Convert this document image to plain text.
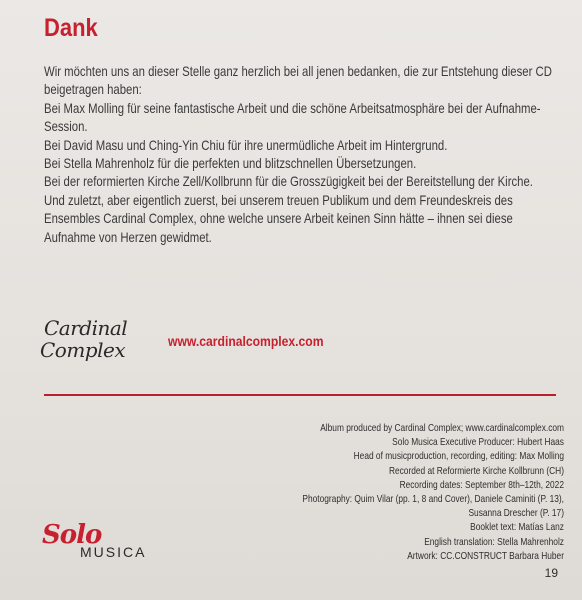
Dank

Wir möchten uns an dieser Stelle ganz herzlich bei all jenen bedanken, die zur Entstehung dieser CD beigetragen haben:

Bei Max Molling für seine fantastische Arbeit und die schöne Arbeitsatmosphäre bei der Aufnahme-Session.

Bei David Masu und Ching-Yin Chiu für ihre unermüdliche Arbeit im Hintergrund.

Bei Stella Mahrenholz für die perfekten und blitzschnellen Übersetzungen.

Bei der reformierten Kirche Zell/Kollbrunn für die Grosszügigkeit bei der Bereitstellung der Kirche.

Und zuletzt, aber eigentlich zuerst, bei unserem treuen Publikum und dem Freundeskreis des Ensembles Cardinal Complex, ohne welche unsere Arbeit keinen Sinn hätte – ihnen sei diese Aufnahme von Herzen gewidmet.

Cardinal
Complex	www.cardinalcomplex.com
Album produced by Cardinal Complex; www.cardinalcomplex.com
Solo Musica Executive Producer: Hubert Haas
Head of musicproduction, recording, editing: Max Molling
Recorded at Reformierte Kirche Kollbrunn (CH)
Recording dates: September 8th–12th, 2022
Photography: Quim Vilar (pp. 1, 8 and Cover), Daniele Caminiti (P. 13),
Susanna Drescher (P. 17)
Booklet text: Matías Lanz
English translation: Stella Mahrenholz
Artwork: CC.CONSTRUCT Barbara Huber
Solo
MUSICA
19
